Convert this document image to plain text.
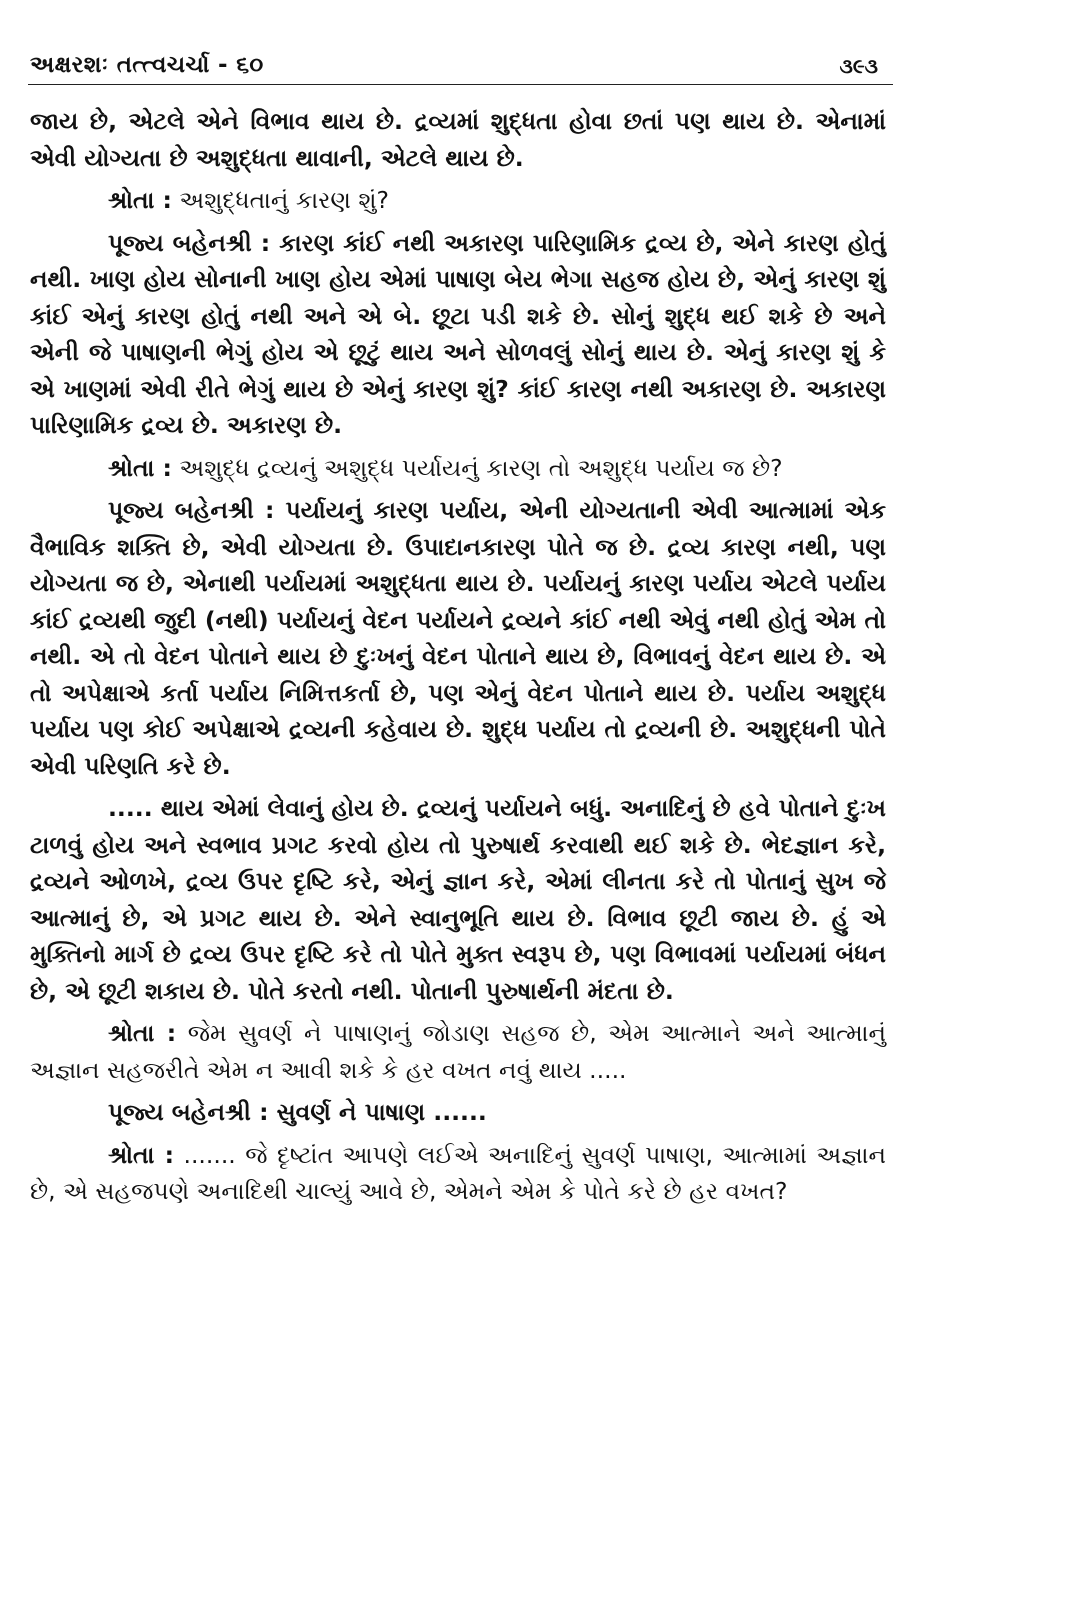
અક્ષરશઃ તત્ત્વચર્ચા - ૬૦	૩૯૩

જાય છે, એટલે એને વિભાવ થાય છે. દ્રવ્યમાં શુદ્ધતા હોવા છતાં પણ થાય છે. એનામાં એવી યોગ્યતા છે અશુદ્ધતા થાવાની, એટલે થાય છે.

શ્રોતા : અશુદ્ધતાનું કારણ શું?

પૂજ્ય બહેનશ્રી : કારણ કાંઈ નથી અકારણ પારિણામિક દ્રવ્ય છે, એને કારણ હોતું નથી. ખાણ હોય સોનાની ખાણ હોય એમાં પાષાણ બેય ભેગા સહજ હોય છે, એનું કારણ શું કાંઈ એનું કારણ હોતું નથી અને એ બે. છૂટા પડી શકે છે. સોનું શુદ્ધ થઈ શકે છે અને એની જે પાષાણની ભેગું હોય એ છૂટું થાય અને સોળવલું સોનું થાય છે. એનું કારણ શું કે એ ખાણમાં એવી રીતે ભેગું થાય છે એનું કારણ શું? કાંઈ કારણ નથી અકારણ છે. અકારણ પારિણામિક દ્રવ્ય છે. અકારણ છે.

શ્રોતા : અશુદ્ધ દ્રવ્યનું અશુદ્ધ પર્યાયનું કારણ તો અશુદ્ધ પર્યાય જ છે?

પૂજ્ય બહેનશ્રી : પર્યાયનું કારણ પર્યાય, એની યોગ્યતાની એવી આત્મામાં એક વૈભાવિક શક્તિ છે, એવી યોગ્યતા છે. ઉપાદાનકારણ પોતે જ છે. દ્રવ્ય કારણ નથી, પણ યોગ્યતા જ છે, એનાથી પર્યાયમાં અશુદ્ધતા થાય છે. પર્યાયનું કારણ પર્યાય એટલે પર્યાય કાંઈ દ્રવ્યથી જુદી (નથી) પર્યાયનું વેદન પર્યાયને દ્રવ્યને કાંઈ નથી એવું નથી હોતું એમ તો નથી. એ તો વેદન પોતાને થાય છે દુઃખનું વેદન પોતાને થાય છે, વિભાવનું વેદન થાય છે. એ તો અપેક્ષાએ કર્તા પર્યાય નિમિત્તકર્તા છે, પણ એનું વેદન પોતાને થાય છે. પર્યાય અશુદ્ધ પર્યાય પણ કોઈ અપેક્ષાએ દ્રવ્યની કહેવાય છે. શુદ્ધ પર્યાય તો દ્રવ્યની છે. અશુદ્ધની પોતે એવી પરિણતિ કરે છે.

..... થાય એમાં લેવાનું હોય છે. દ્રવ્યનું પર્યાયને બધું. અનાદિનું છે હવે પોતાને દુઃખ ટાળવું હોય અને સ્વભાવ પ્રગટ કરવો હોય તો પુરુષાર્થ કરવાથી થઈ શકે છે. ભેદજ્ઞાન કરે, દ્રવ્યને ઓળખે, દ્રવ્ય ઉપર દૃષ્ટિ કરે, એનું જ્ઞાન કરે, એમાં લીનતા કરે તો પોતાનું સુખ જે આત્માનું છે, એ પ્રગટ થાય છે. એને સ્વાનુભૂતિ થાય છે. વિભાવ છૂટી જાય છે. હું એ મુક્તિનો માર્ગ છે દ્રવ્ય ઉપર દૃષ્ટિ કરે તો પોતે મુક્ત સ્વરૂપ છે, પણ વિભાવમાં પર્યાયમાં બંધન છે, એ છૂટી શકાય છે. પોતે કરતો નથી. પોતાની પુરુષાર્થની મંદતા છે.

શ્રોતા : જેમ સુવર્ણ ને પાષાણનું જોડાણ સહજ છે, એમ આત્માને અને આત્માનું અજ્ઞાન સહજરીતે એમ ન આવી શકે કે હર વખત નવું થાય .....

પૂજ્ય બહેનશ્રી : સુવર્ણ ને પાષાણ ......

શ્રોતા : ....... જે દૃષ્ટાંત આપણે લઈએ અનાદિનું સુવર્ણ પાષાણ, આત્મામાં અજ્ઞાન છે, એ સહજપણે અનાદિથી ચાલ્યું આવે છે, એમને એમ કે પોતે કરે છે હર વખત?
